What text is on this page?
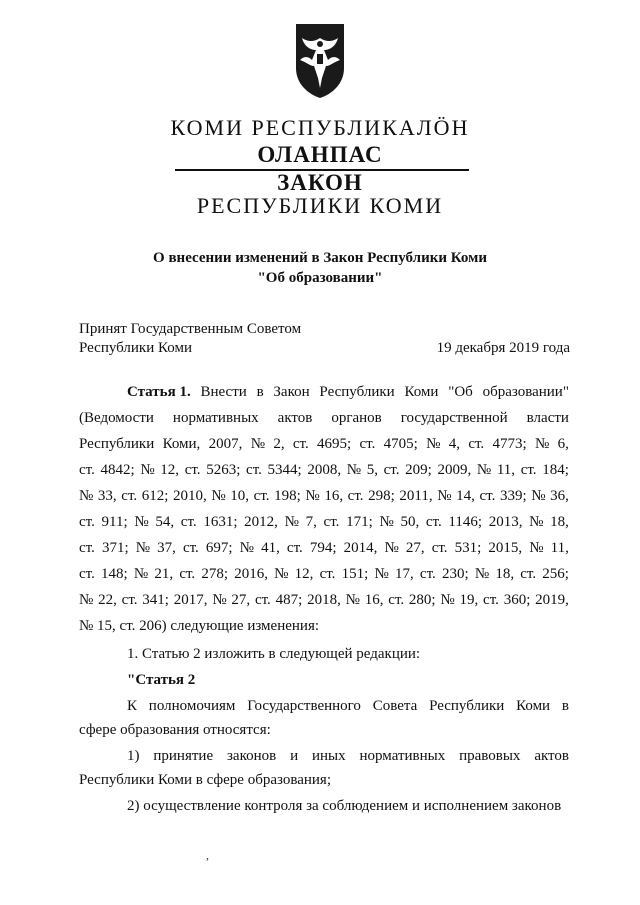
КОМИ РЕСПУБЛИКАЛӦН
ОЛАНПАС
ЗАКОН
РЕСПУБЛИКИ КОМИ
О внесении изменений в Закон Республики Коми
"Об образовании"
Принят Государственным Советом
Республики Коми	19 декабря 2019 года
Статья 1. Внести в Закон Республики Коми "Об образовании"
(Ведомости нормативных актов органов государственной власти
Республики Коми, 2007, № 2, ст. 4695; ст. 4705; № 4, ст. 4773; № 6,
ст. 4842; № 12, ст. 5263; ст. 5344; 2008, № 5, ст. 209; 2009, № 11, ст. 184;
№ 33, ст. 612; 2010, № 10, ст. 198; № 16, ст. 298; 2011, № 14, ст. 339; № 36,
ст. 911; № 54, ст. 1631; 2012, № 7, ст. 171; № 50, ст. 1146; 2013, № 18,
ст. 371; № 37, ст. 697; № 41, ст. 794; 2014, № 27, ст. 531; 2015, № 11,
ст. 148; № 21, ст. 278; 2016, № 12, ст. 151; № 17, ст. 230; № 18, ст. 256;
№ 22, ст. 341; 2017, № 27, ст. 487; 2018, № 16, ст. 280; № 19, ст. 360; 2019,
№ 15, ст. 206) следующие изменения:
1. Статью 2 изложить в следующей редакции:
"Статья 2
К полномочиям Государственного Совета Республики Коми в
сфере образования относятся:
1) принятие законов и иных нормативных правовых актов
Республики Коми в сфере образования;
2) осуществление контроля за соблюдением и исполнением законов
,
